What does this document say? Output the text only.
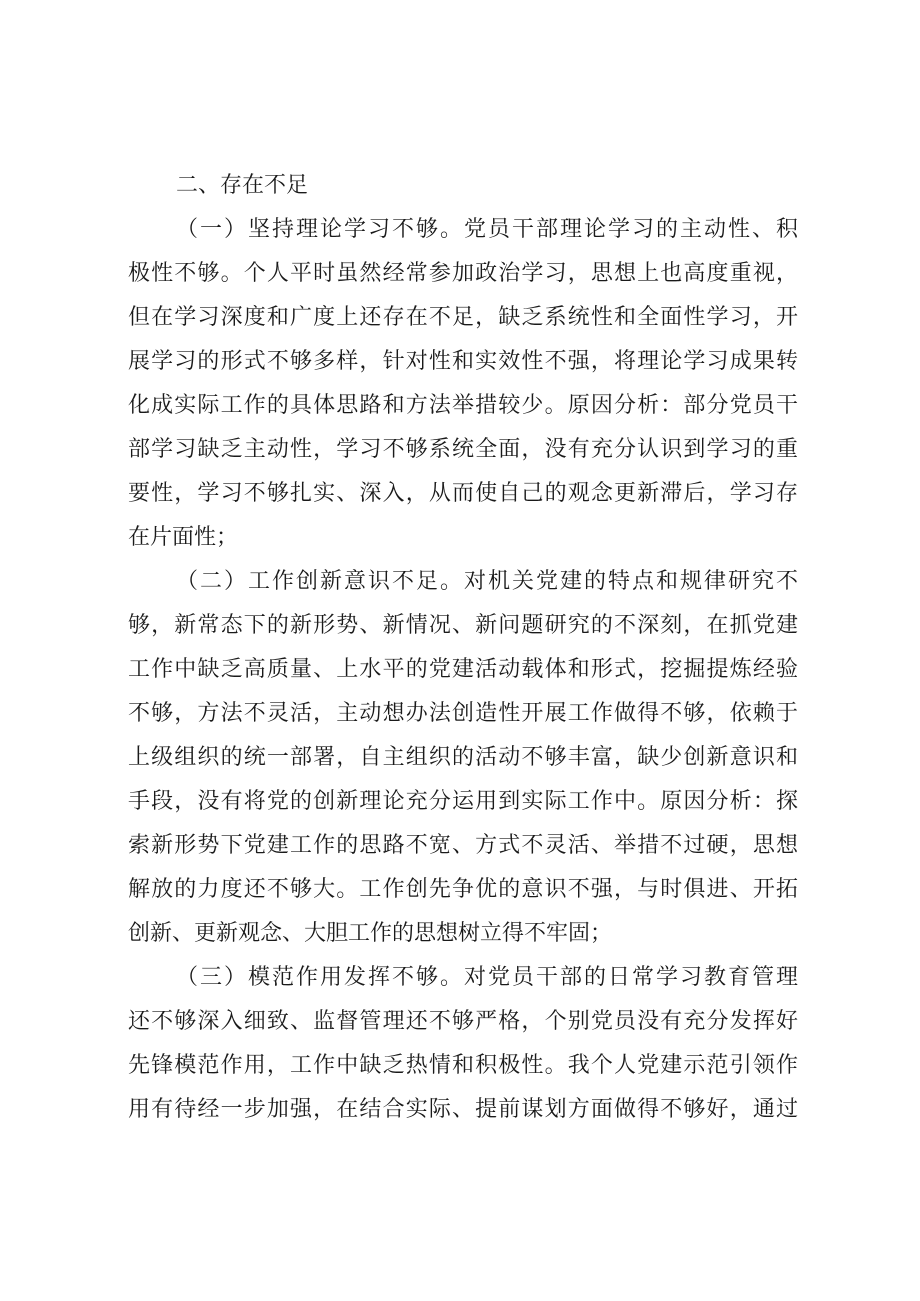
二、存在不足
（一）坚持理论学习不够。党员干部理论学习的主动性、积
极性不够。个人平时虽然经常参加政治学习，思想上也高度重视，
但在学习深度和广度上还存在不足，缺乏系统性和全面性学习，开
展学习的形式不够多样，针对性和实效性不强，将理论学习成果转
化成实际工作的具体思路和方法举措较少。原因分析：部分党员干
部学习缺乏主动性，学习不够系统全面，没有充分认识到学习的重
要性，学习不够扎实、深入，从而使自己的观念更新滞后，学习存
在片面性；
（二）工作创新意识不足。对机关党建的特点和规律研究不
够，新常态下的新形势、新情况、新问题研究的不深刻，在抓党建
工作中缺乏高质量、上水平的党建活动载体和形式，挖掘提炼经验
不够，方法不灵活，主动想办法创造性开展工作做得不够，依赖于
上级组织的统一部署，自主组织的活动不够丰富，缺少创新意识和
手段，没有将党的创新理论充分运用到实际工作中。原因分析：探
索新形势下党建工作的思路不宽、方式不灵活、举措不过硬，思想
解放的力度还不够大。工作创先争优的意识不强，与时俱进、开拓
创新、更新观念、大胆工作的思想树立得不牢固；
（三）模范作用发挥不够。对党员干部的日常学习教育管理
还不够深入细致、监督管理还不够严格，个别党员没有充分发挥好
先锋模范作用，工作中缺乏热情和积极性。我个人党建示范引领作
用有待经一步加强，在结合实际、提前谋划方面做得不够好，通过
